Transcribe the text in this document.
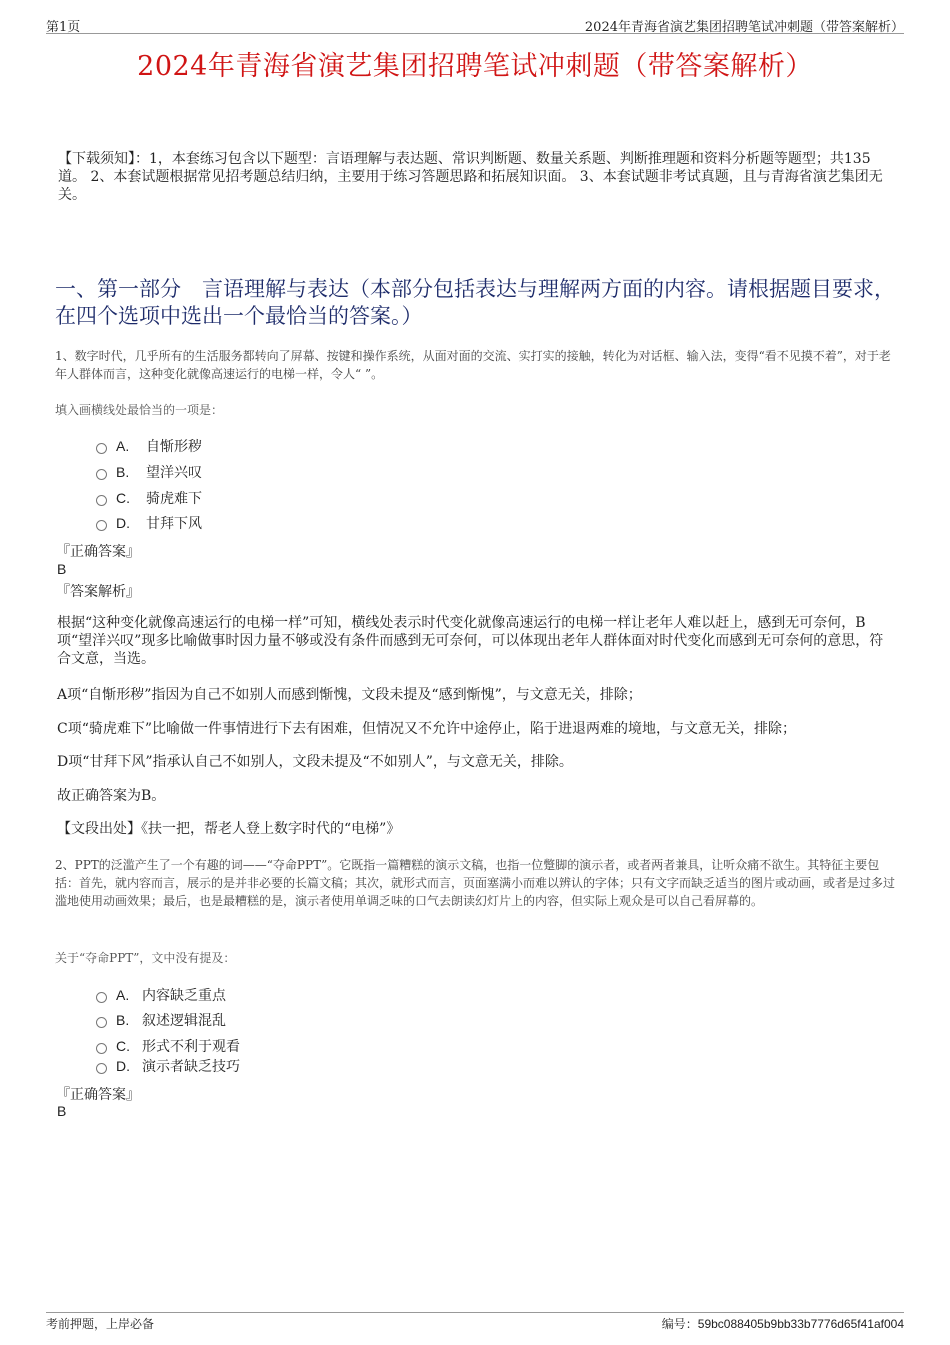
第1页	2024年青海省演艺集团招聘笔试冲刺题（带答案解析）
2024年青海省演艺集团招聘笔试冲刺题（带答案解析）
【下载须知】：1，本套练习包含以下题型：言语理解与表达题、常识判断题、数量关系题、判断推理题和资料分析题等题型；共135道。 2、本套试题根据常见招考题总结归纳，主要用于练习答题思路和拓展知识面。 3、本套试题非考试真题，且与青海省演艺集团无关。
一、第一部分　言语理解与表达（本部分包括表达与理解两方面的内容。请根据题目要求，在四个选项中选出一个最恰当的答案。）
1、数字时代，几乎所有的生活服务都转向了屏幕、按键和操作系统，从面对面的交流、实打实的接触，转化为对话框、输入法，变得“看不见摸不着”，对于老年人群体而言，这种变化就像高速运行的电梯一样，令人“ ”。
填入画横线处最恰当的一项是：
A.	自惭形秽
B.	望洋兴叹
C.	骑虎难下
D.	甘拜下风
『正确答案』
B
『答案解析』
根据“这种变化就像高速运行的电梯一样”可知，横线处表示时代变化就像高速运行的电梯一样让老年人难以赶上，感到无可奈何，B项“望洋兴叹”现多比喻做事时因力量不够或没有条件而感到无可奈何，可以体现出老年人群体面对时代变化而感到无可奈何的意思，符合文意，当选。
A项“自惭形秽”指因为自己不如别人而感到惭愧，文段未提及“感到惭愧”，与文意无关，排除；
C项“骑虎难下”比喻做一件事情进行下去有困难，但情况又不允许中途停止，陷于进退两难的境地，与文意无关，排除；
D项“甘拜下风”指承认自己不如别人，文段未提及“不如别人”，与文意无关，排除。
故正确答案为B。
【文段出处】《扶一把，帮老人登上数字时代的“电梯”》
2、PPT的泛滥产生了一个有趣的词——“夺命PPT”。它既指一篇糟糕的演示文稿，也指一位蹩脚的演示者，或者两者兼具，让听众痛不欲生。其特征主要包括：首先，就内容而言，展示的是并非必要的长篇文稿；其次，就形式而言，页面塞满小而难以辨认的字体；只有文字而缺乏适当的图片或动画，或者是过多过滥地使用动画效果；最后，也是最糟糕的是，演示者使用单调乏味的口气去朗读幻灯片上的内容，但实际上观众是可以自己看屏幕的。
关于“夺命PPT”，文中没有提及：
A. 内容缺乏重点
B. 叙述逻辑混乱
C. 形式不利于观看
D. 演示者缺乏技巧
『正确答案』
B
考前押题，上岸必备	编号：59bc088405b9bb33b7776d65f41af004
